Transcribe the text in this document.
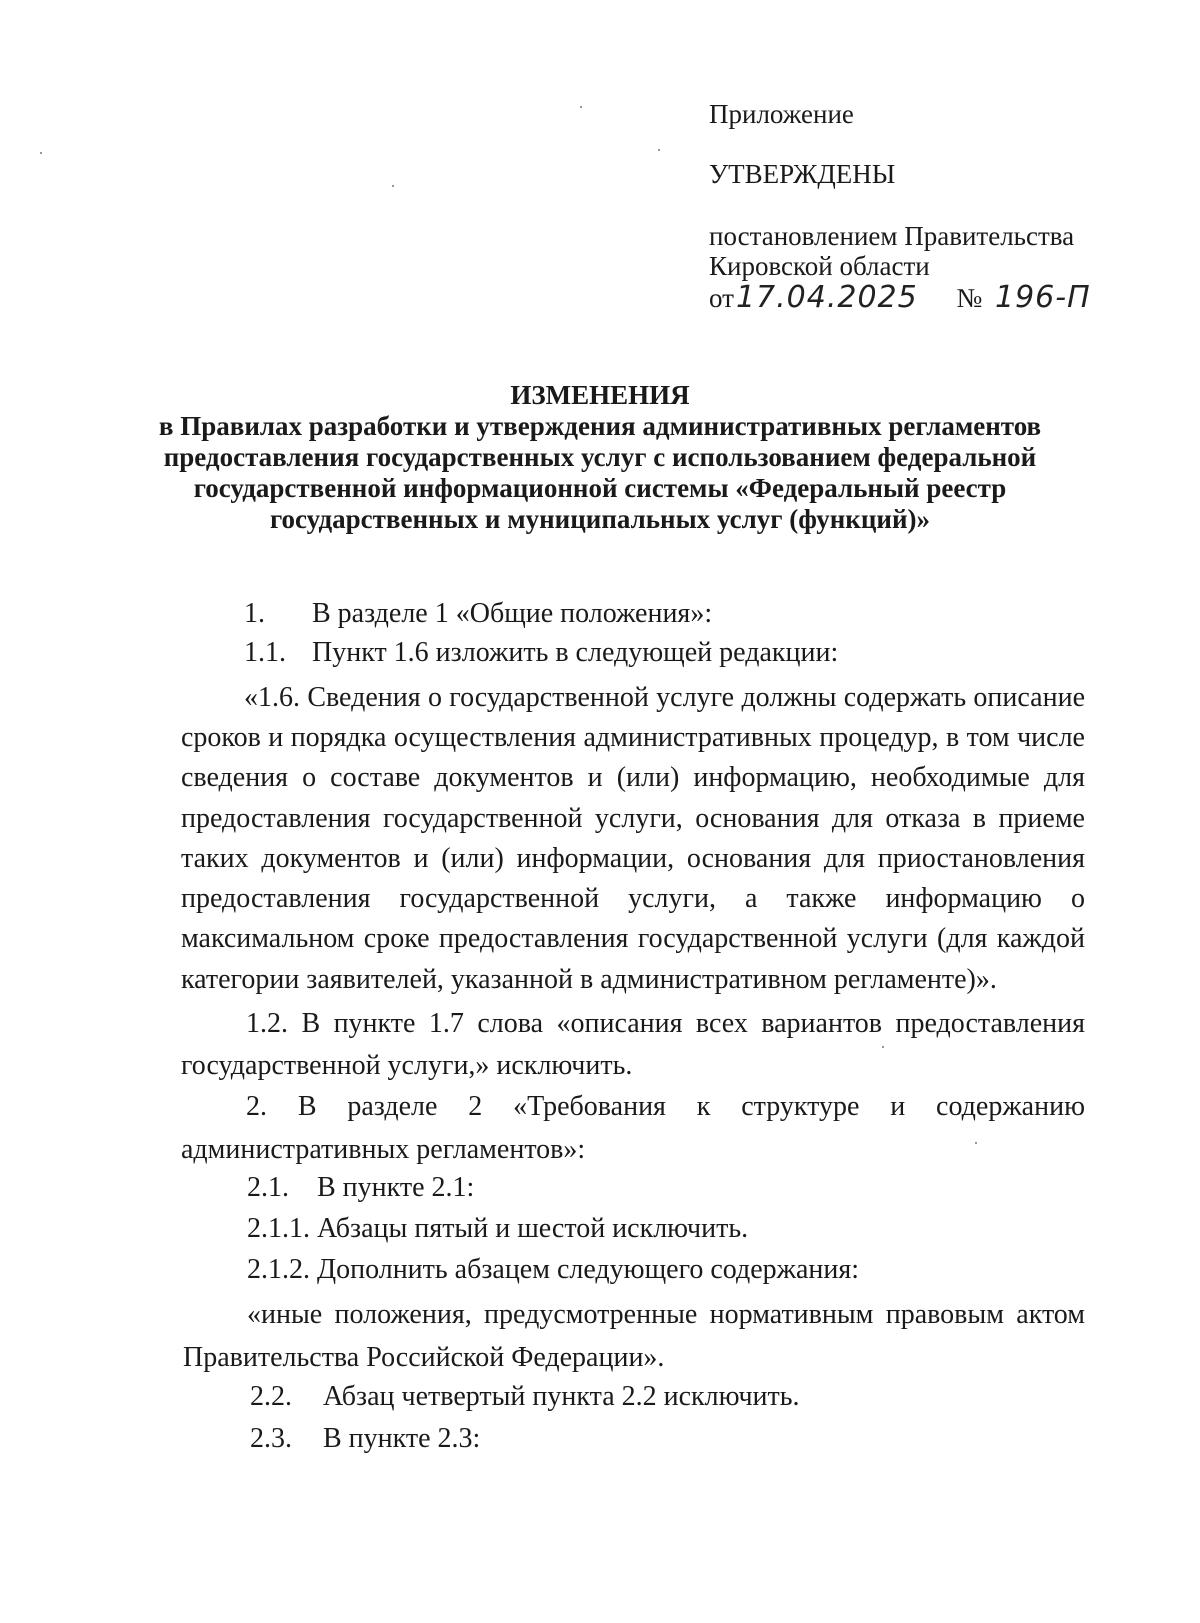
Приложение
УТВЕРЖДЕНЫ
постановлением Правительства
Кировской области
от17.04.2025 № 196-П
ИЗМЕНЕНИЯ
в Правилах разработки и утверждения административных регламентов
предоставления государственных услуг с использованием федеральной
государственной информационной системы «Федеральный реестр
государственных и муниципальных услуг (функций)»
1. В разделе 1 «Общие положения»:
1.1. Пункт 1.6 изложить в следующей редакции:
«1.6. Сведения о государственной услуге должны содержать описание
сроков и порядка осуществления административных процедур, в том числе
сведения о составе документов и (или) информацию, необходимые для
предоставления государственной услуги, основания для отказа в приеме
таких документов и (или) информации, основания для приостановления
предоставления государственной услуги, а также информацию о
максимальном сроке предоставления государственной услуги (для каждой
категории заявителей, указанной в административном регламенте)».
1.2. В пункте 1.7 слова «описания всех вариантов предоставления
государственной услуги,» исключить.
2. В разделе 2 «Требования к структуре и содержанию
административных регламентов»:
2.1. В пункте 2.1:
2.1.1. Абзацы пятый и шестой исключить.
2.1.2. Дополнить абзацем следующего содержания:
«иные положения, предусмотренные нормативным правовым актом
Правительства Российской Федерации».
2.2. Абзац четвертый пункта 2.2 исключить.
2.3. В пункте 2.3:
